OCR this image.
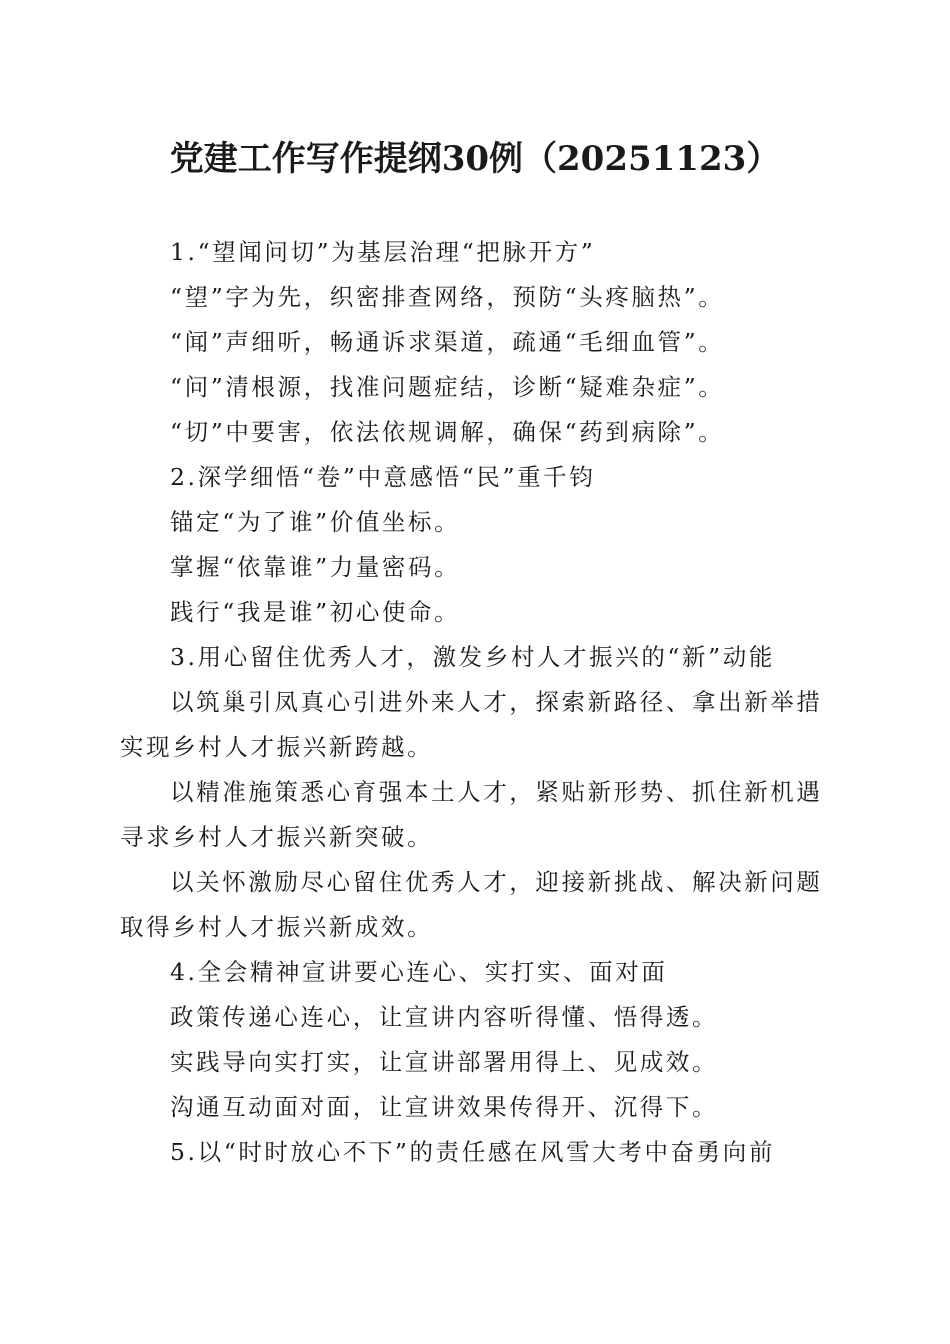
党建工作写作提纲30例（20251123）

1.“望闻问切”为基层治理“把脉开方”

“望”字为先，织密排查网络，预防“头疼脑热”。

“闻”声细听，畅通诉求渠道，疏通“毛细血管”。

“问”清根源，找准问题症结，诊断“疑难杂症”。

“切”中要害，依法依规调解，确保“药到病除”。

2.深学细悟“卷”中意感悟“民”重千钧

锚定“为了谁”价值坐标。

掌握“依靠谁”力量密码。

践行“我是谁”初心使命。

3.用心留住优秀人才，激发乡村人才振兴的“新”动能

以筑巢引凤真心引进外来人才，探索新路径、拿出新举措实现乡村人才振兴新跨越。

以精准施策悉心育强本土人才，紧贴新形势、抓住新机遇寻求乡村人才振兴新突破。

以关怀激励尽心留住优秀人才，迎接新挑战、解决新问题取得乡村人才振兴新成效。

4.全会精神宣讲要心连心、实打实、面对面

政策传递心连心，让宣讲内容听得懂、悟得透。

实践导向实打实，让宣讲部署用得上、见成效。

沟通互动面对面，让宣讲效果传得开、沉得下。

5.以“时时放心不下”的责任感在风雪大考中奋勇向前
